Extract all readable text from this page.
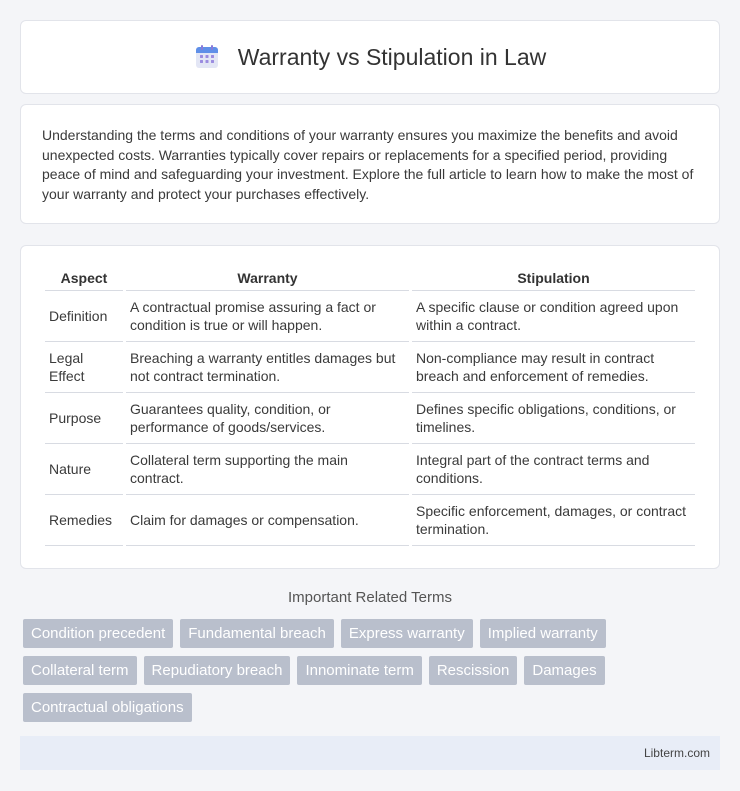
Warranty vs Stipulation in Law

Understanding the terms and conditions of your warranty ensures you maximize the benefits and avoid unexpected costs. Warranties typically cover repairs or replacements for a specified period, providing peace of mind and safeguarding your investment. Explore the full article to learn how to make the most of your warranty and protect your purchases effectively.

Aspect	Warranty	Stipulation
Definition	A contractual promise assuring a fact or condition is true or will happen.	A specific clause or condition agreed upon within a contract.
Legal Effect	Breaching a warranty entitles damages but not contract termination.	Non-compliance may result in contract breach and enforcement of remedies.
Purpose	Guarantees quality, condition, or performance of goods/services.	Defines specific obligations, conditions, or timelines.
Nature	Collateral term supporting the main contract.	Integral part of the contract terms and conditions.
Remedies	Claim for damages or compensation.	Specific enforcement, damages, or contract termination.
Important Related Terms
Condition precedent	Fundamental breach	Express warranty	Implied warranty
Collateral term	Repudiatory breach	Innominate term	Rescission	Damages
Contractual obligations
Libterm.com
